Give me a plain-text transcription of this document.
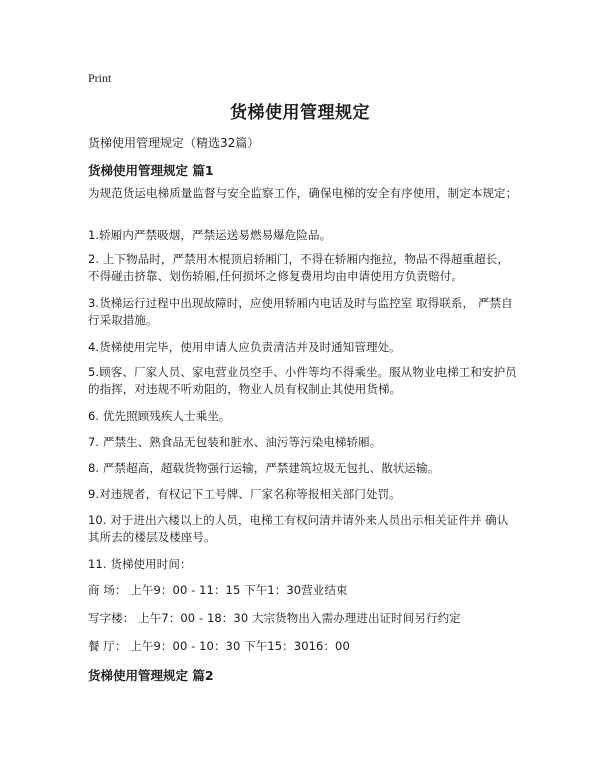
Print
货梯使用管理规定
货梯使用管理规定（精选32篇）
货梯使用管理规定 篇1
为规范货运电梯质量监督与安全监察工作，确保电梯的安全有序使用，制定本规定；
1.轿厢内严禁吸烟，严禁运送易燃易爆危险品。
2. 上下物品时，严禁用木棍顶启轿厢门，不得在轿厢内拖拉，物品不得超重超长，不得碰击挤靠、划伤轿厢,任何损坏之修复费用均由申请使用方负责赔付。
3.货梯运行过程中出现故障时，应使用轿厢内电话及时与监控室 取得联系， 严禁自行采取措施。
4.货梯使用完毕，使用申请人应负责清洁并及时通知管理处。
5.顾客、厂家人员、家电营业员空手、小件等均不得乘坐。服从物业电梯工和安护员的指挥，对违规不听劝阻的，物业人员有权制止其使用货梯。
6. 优先照顾残疾人士乘坐。
7. 严禁生、熟食品无包装和脏水、油污等污染电梯轿厢。
8. 严禁超高，超载货物强行运输，严禁建筑垃圾无包扎、散状运输。
9.对违规者，有权记下工号牌、厂家名称等报相关部门处罚。
10. 对于进出六楼以上的人员，电梯工有权问清并请外来人员出示相关证件并 确认其所去的楼层及楼座号。
11. 货梯使用时间：
商 场： 上午9：00 - 11：15 下午1：30营业结束
写字楼： 上午7：00 - 18：30 大宗货物出入需办理进出证时间另行约定
餐 厅： 上午9：00 - 10：30 下午15：3016：00
货梯使用管理规定 篇2
